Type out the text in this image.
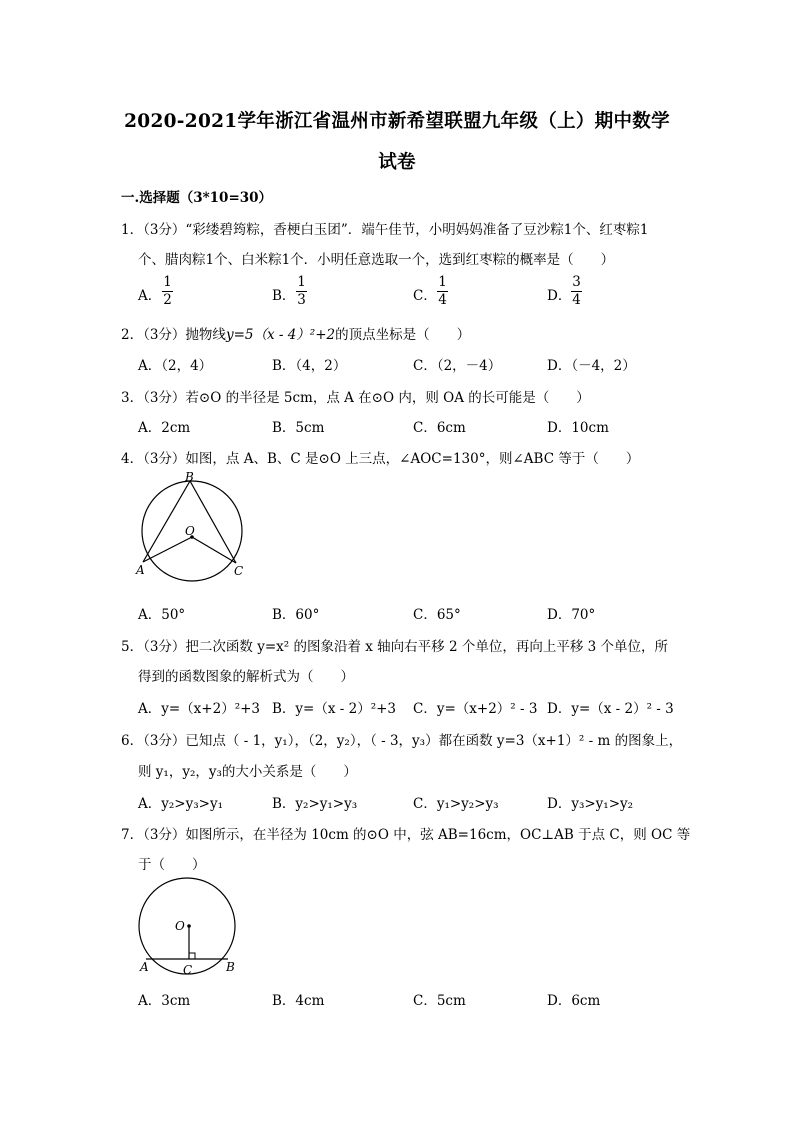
2020-2021学年浙江省温州市新希望联盟九年级（上）期中数学
试卷
一.选择题（3*10=30）
1．（3分）“彩缕碧筠粽，香梗白玉团”．端午佳节，小明妈妈准备了豆沙粽1个、红枣粽1
个、腊肉粽1个、白米粽1个．小明任意选取一个，选到红枣粽的概率是（　　）
A．
1
2	B．
1
3	C．
1
4	D．
3
4
2．（3分）抛物线y=5（x - 4）²+2的顶点坐标是（　　）
A．（2，4）	B．（4，2）	C．（2，－4）	D．（－4，2）
3．（3分）若⊙O 的半径是 5cm，点 A 在⊙O 内，则 OA 的长可能是（　　）
A．2cm	B．5cm	C．6cm	D．10cm
4．（3分）如图，点 A、B、C 是⊙O 上三点，∠AOC=130°，则∠ABC 等于（　　）
B
O
A	C
A．50°	B．60°	C．65°	D．70°
5．（3分）把二次函数 y=x² 的图象沿着 x 轴向右平移 2 个单位，再向上平移 3 个单位，所
得到的函数图象的解析式为（　　）
A．y=（x+2）²+3 B．y=（x - 2）²+3 C．y=（x+2）² - 3 D．y=（x - 2）² - 3
6．（3分）已知点（ - 1，y₁），（2，y₂），（ - 3，y₃）都在函数 y=3（x+1）² - m 的图象上，
则 y₁，y₂，y₃的大小关系是（　　）
A．y₂>y₃>y₁	B．y₂>y₁>y₃	C．y₁>y₂>y₃	D．y₃>y₁>y₂
7．（3分）如图所示，在半径为 10cm 的⊙O 中，弦 AB=16cm，OC⊥AB 于点 C，则 OC 等
于（　　）
O
A	C	B
A．3cm	B．4cm	C．5cm	D．6cm
